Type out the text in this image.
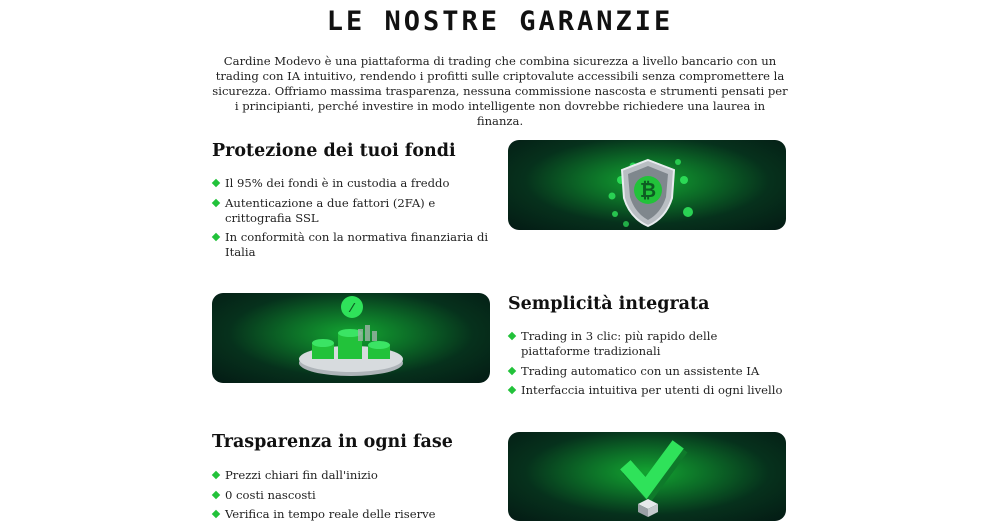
LE NOSTRE GARANZIE

Cardine Modevo è una piattaforma di trading che combina sicurezza a livello bancario con un trading con IA intuitivo, rendendo i profitti sulle criptovalute accessibili senza compromettere la sicurezza. Offriamo massima trasparenza, nessuna commissione nascosta e strumenti pensati per i principianti, perché investire in modo intelligente non dovrebbe richiedere una laurea in finanza.

Protezione dei tuoi fondi
Il 95% dei fondi è in custodia a freddo
Autenticazione a due fattori (2FA) e crittografia SSL
In conformità con la normativa finanziaria di Italia
₿
⁄	Semplicità integrata
Trading in 3 clic: più rapido delle piattaforme tradizionali
Trading automatico con un assistente IA
Interfaccia intuitiva per utenti di ogni livello
Trasparenza in ogni fase
Prezzi chiari fin dall'inizio
0 costi nascosti
Verifica in tempo reale delle riserve
